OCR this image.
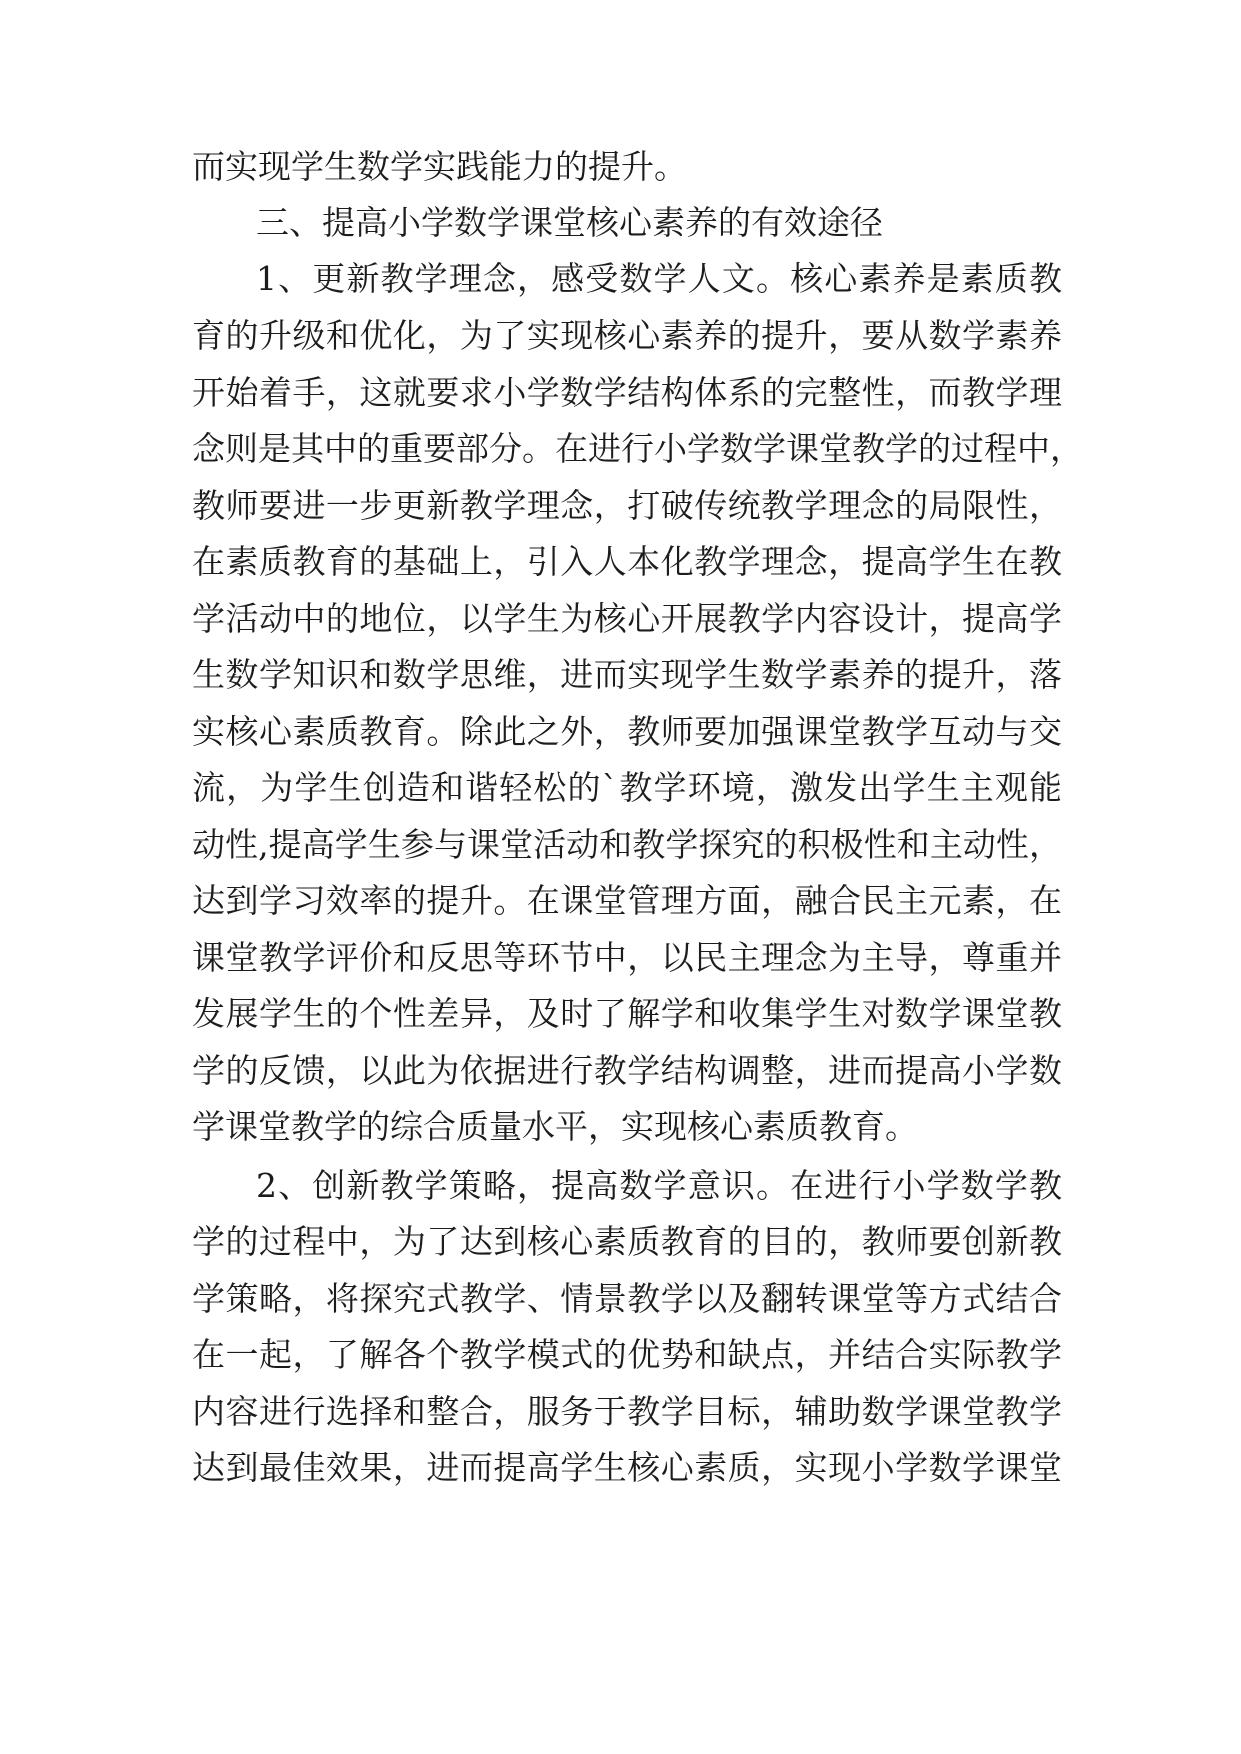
而实现学生数学实践能力的提升。
三、提高小学数学课堂核心素养的有效途径
1、更新教学理念，感受数学人文。核心素养是素质教
育的升级和优化，为了实现核心素养的提升，要从数学素养
开始着手，这就要求小学数学结构体系的完整性，而教学理
念则是其中的重要部分。在进行小学数学课堂教学的过程中，
教师要进一步更新教学理念，打破传统教学理念的局限性，
在素质教育的基础上，引入人本化教学理念，提高学生在教
学活动中的地位，以学生为核心开展教学内容设计，提高学
生数学知识和数学思维，进而实现学生数学素养的提升，落
实核心素质教育。除此之外，教师要加强课堂教学互动与交
流，为学生创造和谐轻松的`教学环境，激发出学生主观能
动性,提高学生参与课堂活动和教学探究的积极性和主动性，
达到学习效率的提升。在课堂管理方面，融合民主元素，在
课堂教学评价和反思等环节中，以民主理念为主导，尊重并
发展学生的个性差异，及时了解学和收集学生对数学课堂教
学的反馈，以此为依据进行教学结构调整，进而提高小学数
学课堂教学的综合质量水平，实现核心素质教育。
2、创新教学策略，提高数学意识。在进行小学数学教
学的过程中，为了达到核心素质教育的目的，教师要创新教
学策略，将探究式教学、情景教学以及翻转课堂等方式结合
在一起，了解各个教学模式的优势和缺点，并结合实际教学
内容进行选择和整合，服务于教学目标，辅助数学课堂教学
达到最佳效果，进而提高学生核心素质，实现小学数学课堂
